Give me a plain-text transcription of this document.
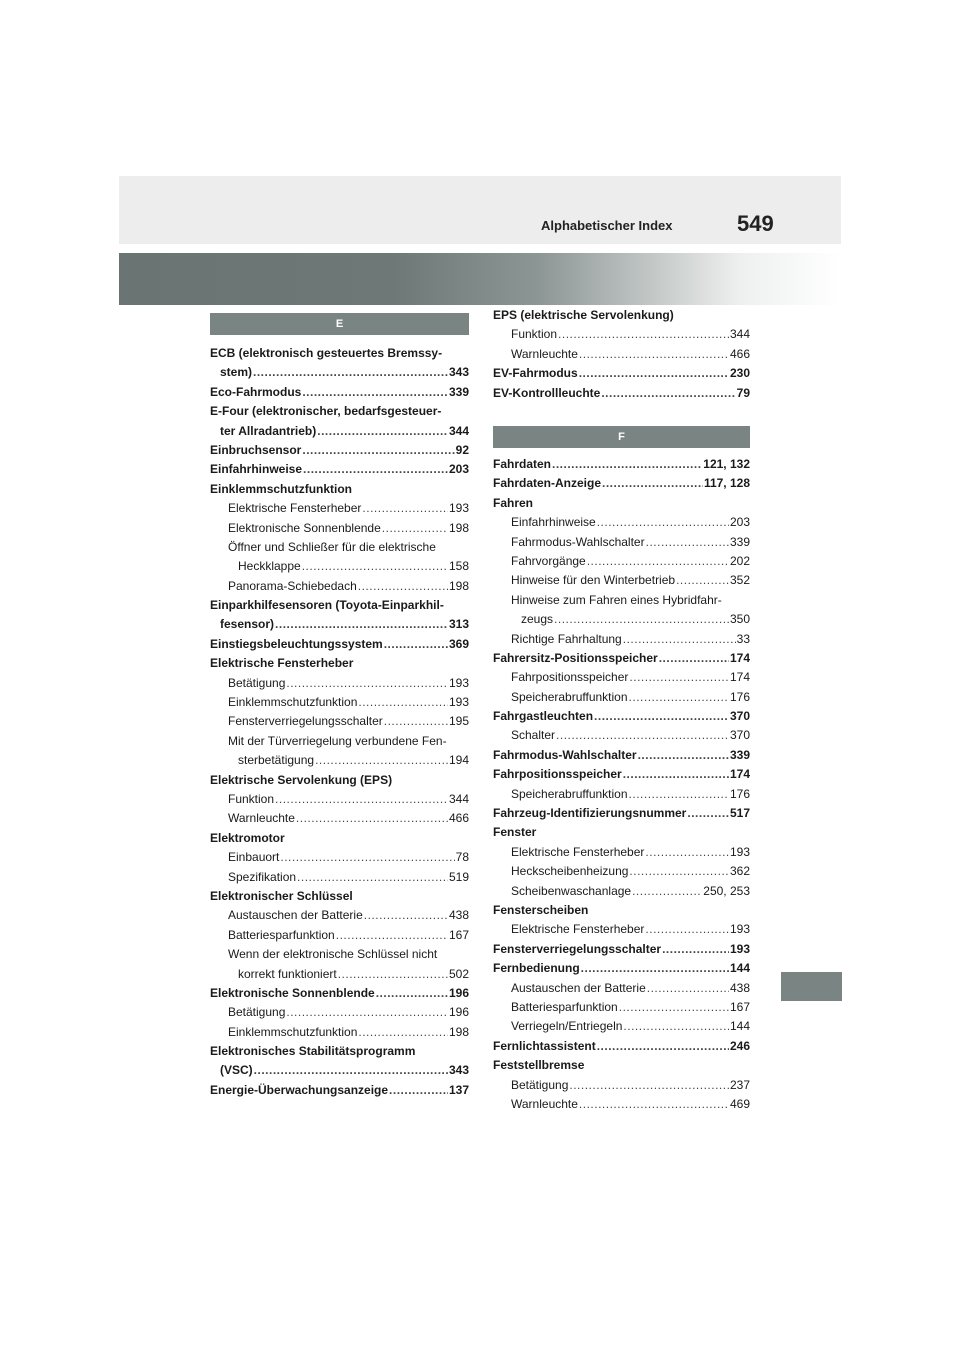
Alphabetischer Index	549
E
ECB (elektronisch gesteuertes Bremssy-
stem) .....	343
Eco-Fahrmodus .....	339
E-Four (elektronischer, bedarfsgesteuer-
ter Allradantrieb) .....	344
Einbruchsensor .....	92
Einfahrhinweise .....	203
Einklemmschutzfunktion
Elektrische Fensterheber .....	193
Elektronische Sonnenblende .....	198
Öffner und Schließer für die elektrische
Heckklappe .....	158
Panorama-Schiebedach .....	198
Einparkhilfesensoren (Toyota-Einparkhil-
fesensor) .....	313
Einstiegsbeleuchtungssystem .....	369
Elektrische Fensterheber
Betätigung .....	193
Einklemmschutzfunktion .....	193
Fensterverriegelungsschalter .....	195
Mit der Türverriegelung verbundene Fen-
sterbetätigung .....	194
Elektrische Servolenkung (EPS)
Funktion .....	344
Warnleuchte .....	466
Elektromotor
Einbauort .....	78
Spezifikation .....	519
Elektronischer Schlüssel
Austauschen der Batterie .....	438
Batteriesparfunktion .....	167
Wenn der elektronische Schlüssel nicht
korrekt funktioniert .....	502
Elektronische Sonnenblende .....	196
Betätigung .....	196
Einklemmschutzfunktion .....	198
Elektronisches Stabilitätsprogramm
(VSC) .....	343
Energie-Überwachungsanzeige .....	137
EPS (elektrische Servolenkung)
Funktion .....	344
Warnleuchte .....	466
EV-Fahrmodus .....	230
EV-Kontrollleuchte .....	79
F
Fahrdaten .....	121, 132
Fahrdaten-Anzeige .....	117, 128
Fahren
Einfahrhinweise .....	203
Fahrmodus-Wahlschalter .....	339
Fahrvorgänge .....	202
Hinweise für den Winterbetrieb .....	352
Hinweise zum Fahren eines Hybridfahr-
zeugs .....	350
Richtige Fahrhaltung .....	33
Fahrersitz-Positionsspeicher .....	174
Fahrpositionsspeicher .....	174
Speicherabruffunktion .....	176
Fahrgastleuchten .....	370
Schalter .....	370
Fahrmodus-Wahlschalter .....	339
Fahrpositionsspeicher .....	174
Speicherabruffunktion .....	176
Fahrzeug-Identifizierungsnummer .....	517
Fenster
Elektrische Fensterheber .....	193
Heckscheibenheizung .....	362
Scheibenwaschanlage .....	250, 253
Fensterscheiben
Elektrische Fensterheber .....	193
Fensterverriegelungsschalter .....	193
Fernbedienung .....	144
Austauschen der Batterie .....	438
Batteriesparfunktion .....	167
Verriegeln/Entriegeln .....	144
Fernlichtassistent .....	246
Feststellbremse
Betätigung .....	237
Warnleuchte .....	469
